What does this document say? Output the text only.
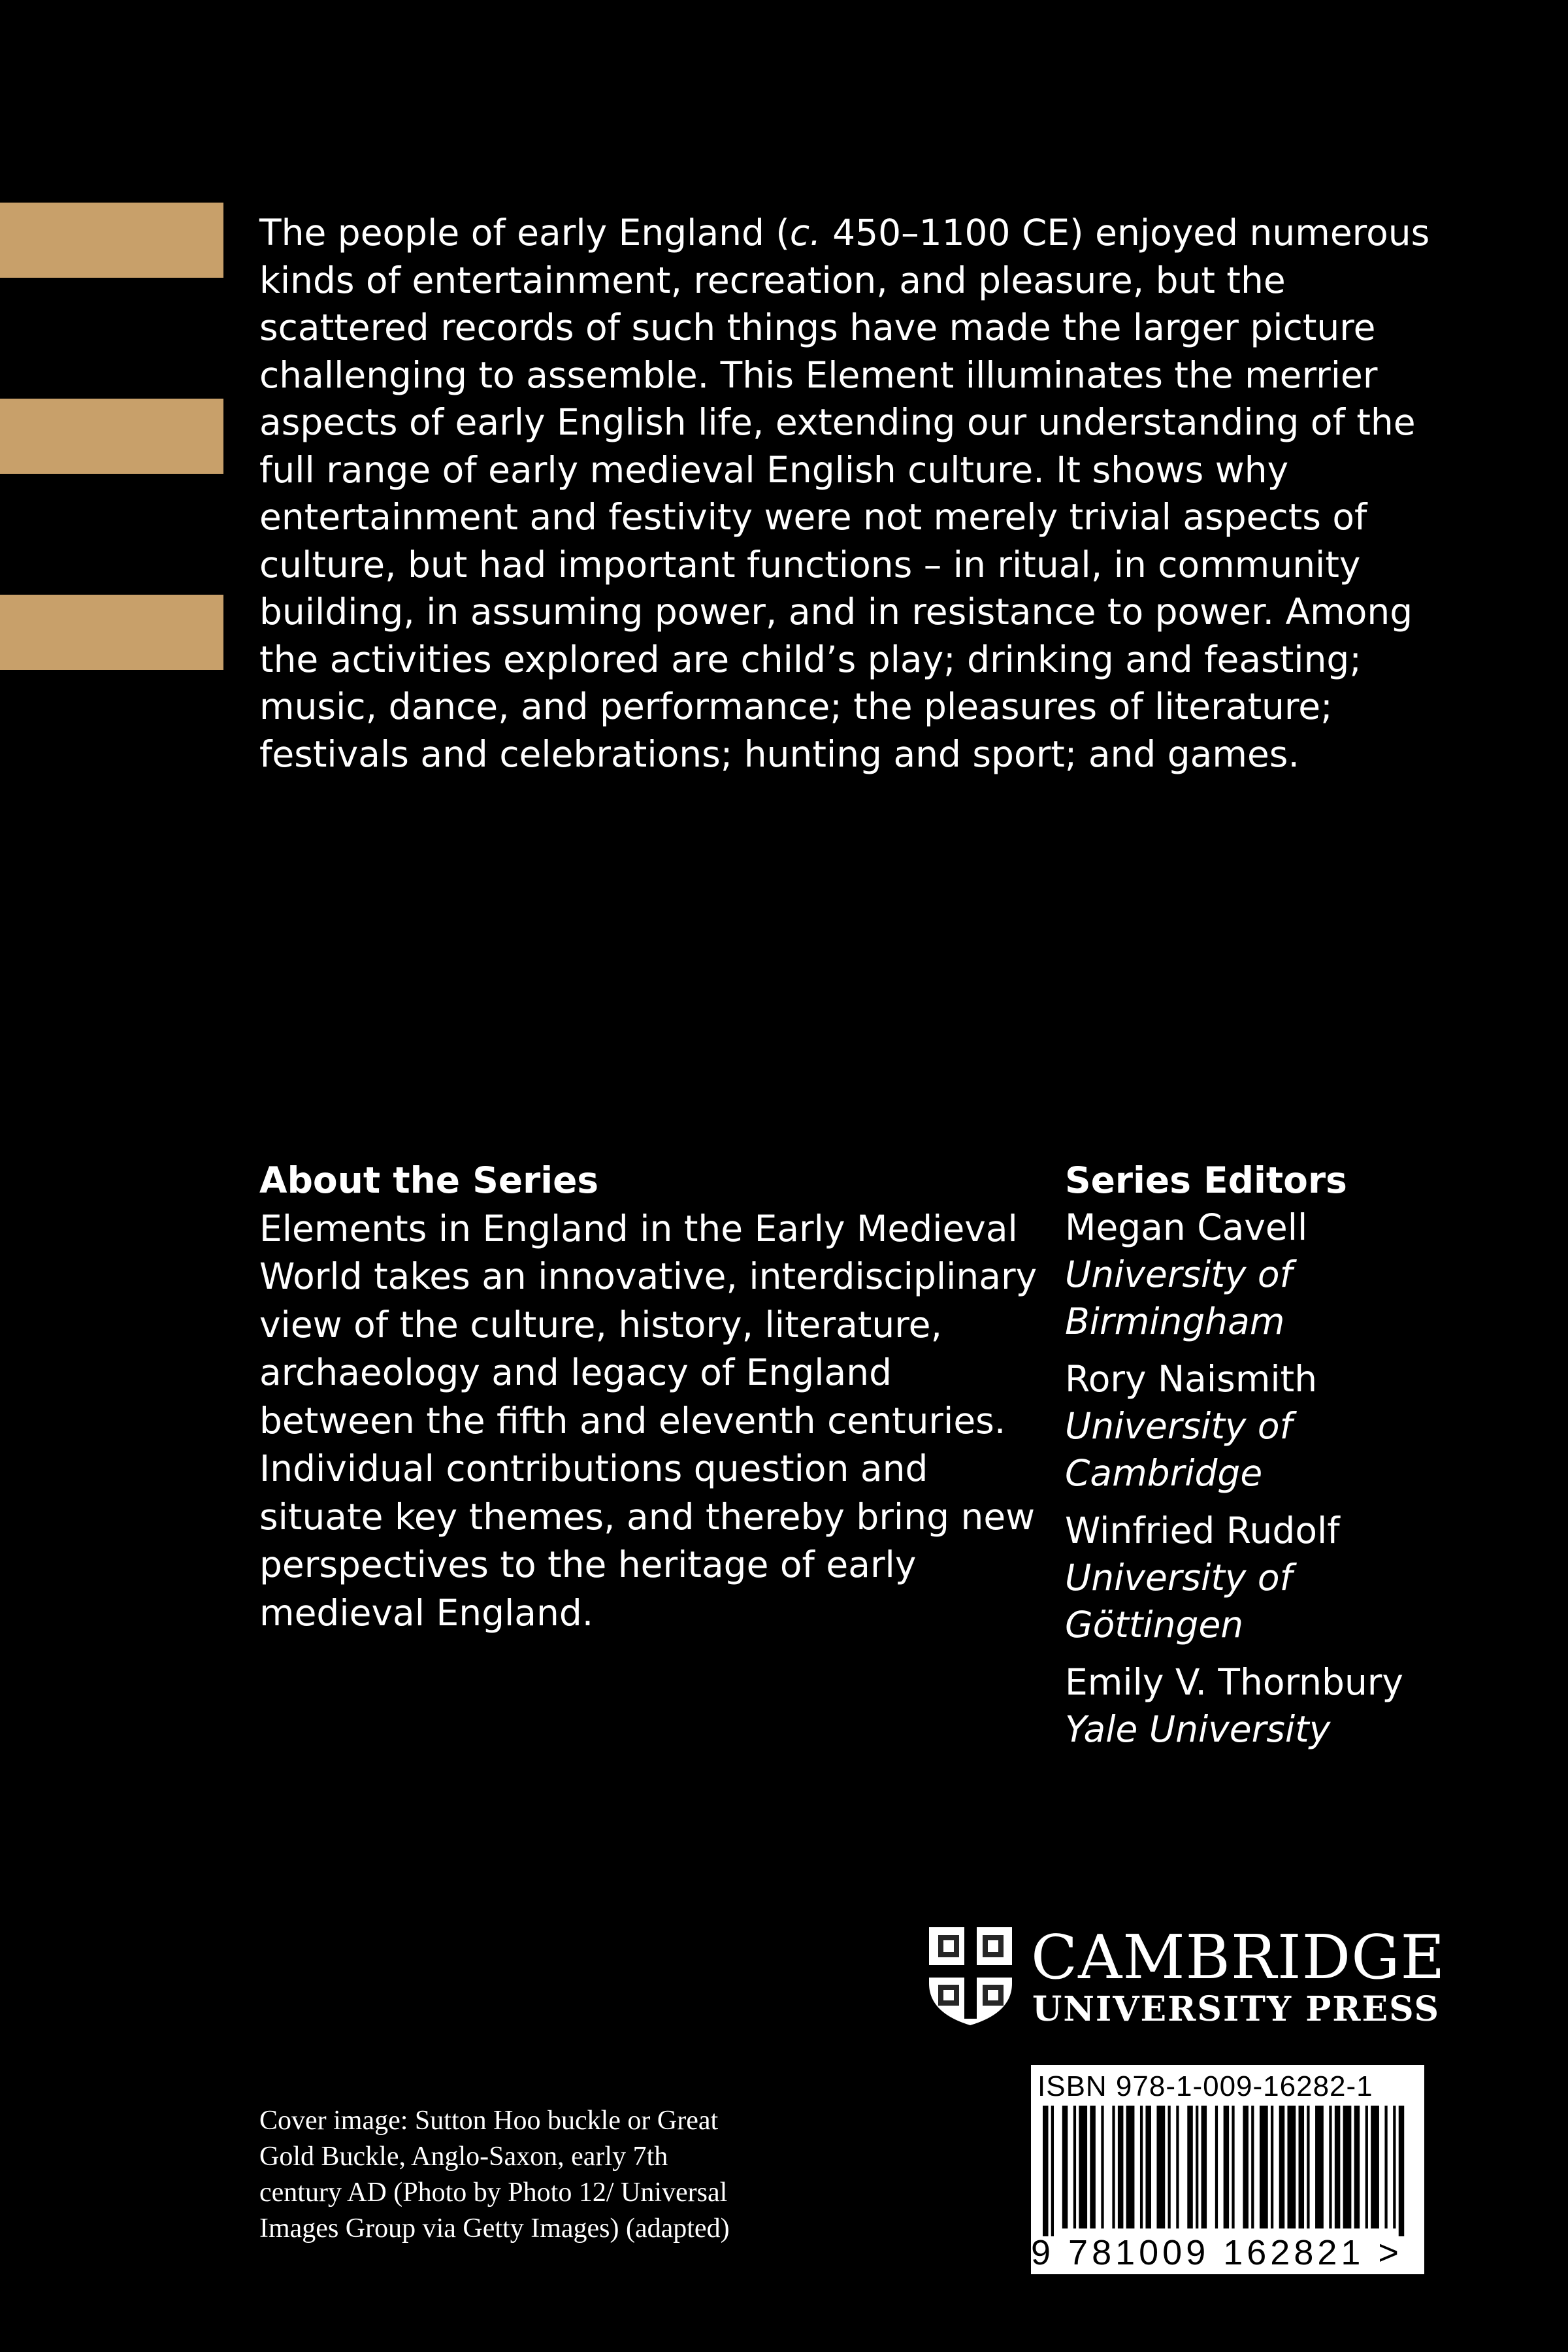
The people of early England (c. 450–1100 CE) enjoyed numerous kinds of entertainment, recreation, and pleasure, but the scattered records of such things have made the larger picture challenging to assemble. This Element illuminates the merrier aspects of early English life, extending our understanding of the full range of early medieval English culture. It shows why entertainment and festivity were not merely trivial aspects of culture, but had important functions – in ritual, in community building, in assuming power, and in resistance to power. Among the activities explored are child’s play; drinking and feasting; music, dance, and performance; the pleasures of literature; festivals and celebrations; hunting and sport; and games.

About the Series

Elements in England in the Early Medieval World takes an innovative, interdisciplinary view of the culture, history, literature, archaeology and legacy of England between the fifth and eleventh centuries. Individual contributions question and situate key themes, and thereby bring new perspectives to the heritage of early medieval England.

Series Editors

Megan Cavell
University of
Birmingham
Rory Naismith
University of
Cambridge
Winfried Rudolf
University of
Göttingen
Emily V. Thornbury
Yale University
CAMBRIDGE
UNIVERSITY PRESS
Cover image: Sutton Hoo buckle or Great Gold Buckle, Anglo-Saxon, early 7th century AD (Photo by Photo 12/ Universal Images Group via Getty Images) (adapted)
ISBN 978-1-009-16282-1
9 781009 162821 >
